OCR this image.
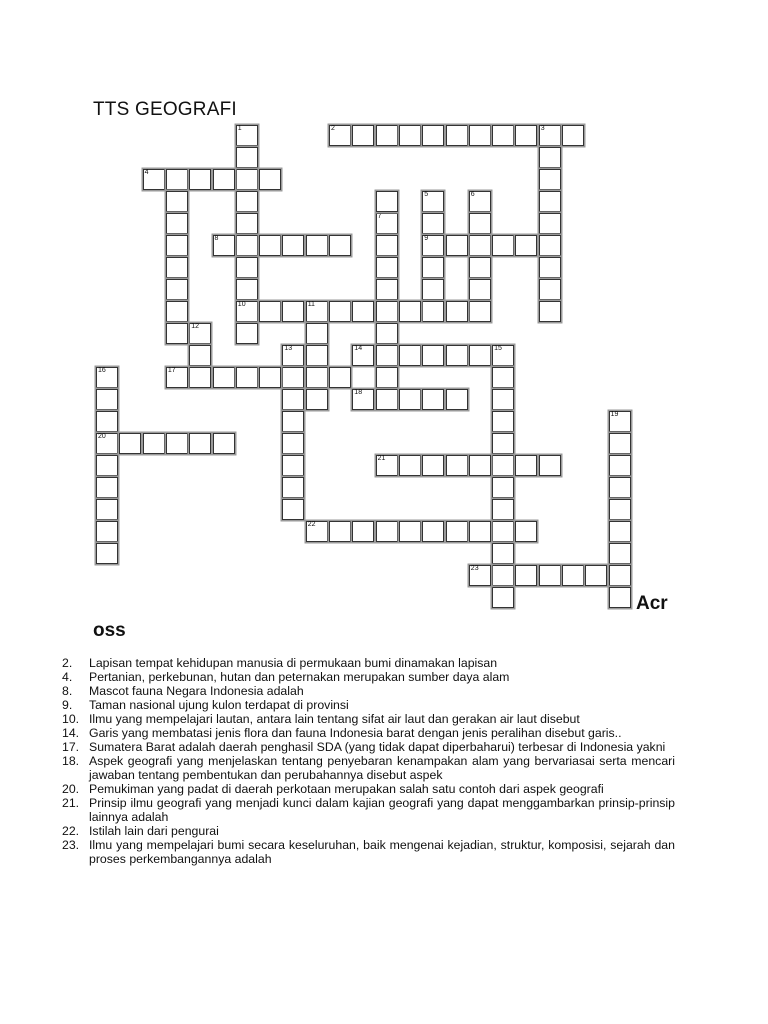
TTS GEOGRAFI
1
10
2	3
4
5
9
6
7
8
11
12
13	14	15
16
20
17
18
19
21
22
23
Acr
oss
2. Lapisan tempat kehidupan manusia di permukaan bumi dinamakan lapisan
4. Pertanian, perkebunan, hutan dan peternakan merupakan sumber daya alam
8. Mascot fauna Negara Indonesia adalah
9. Taman nasional ujung kulon terdapat di provinsi
10. Ilmu yang mempelajari lautan, antara lain tentang sifat air laut dan gerakan air laut disebut
14. Garis yang membatasi jenis flora dan fauna Indonesia barat dengan jenis peralihan disebut garis..
17. Sumatera Barat adalah daerah penghasil SDA (yang tidak dapat diperbaharui) terbesar di Indonesia yakni
18. Aspek geografi yang menjelaskan tentang penyebaran kenampakan alam yang bervariasai serta mencari jawaban tentang pembentukan dan perubahannya disebut aspek
20. Pemukiman yang padat di daerah perkotaan merupakan salah satu contoh dari aspek geografi
21. Prinsip ilmu geografi yang menjadi kunci dalam kajian geografi yang dapat menggambarkan prinsip-prinsip lainnya adalah
22. Istilah lain dari pengurai
23. Ilmu yang mempelajari bumi secara keseluruhan, baik mengenai kejadian, struktur, komposisi, sejarah dan proses perkembangannya adalah
